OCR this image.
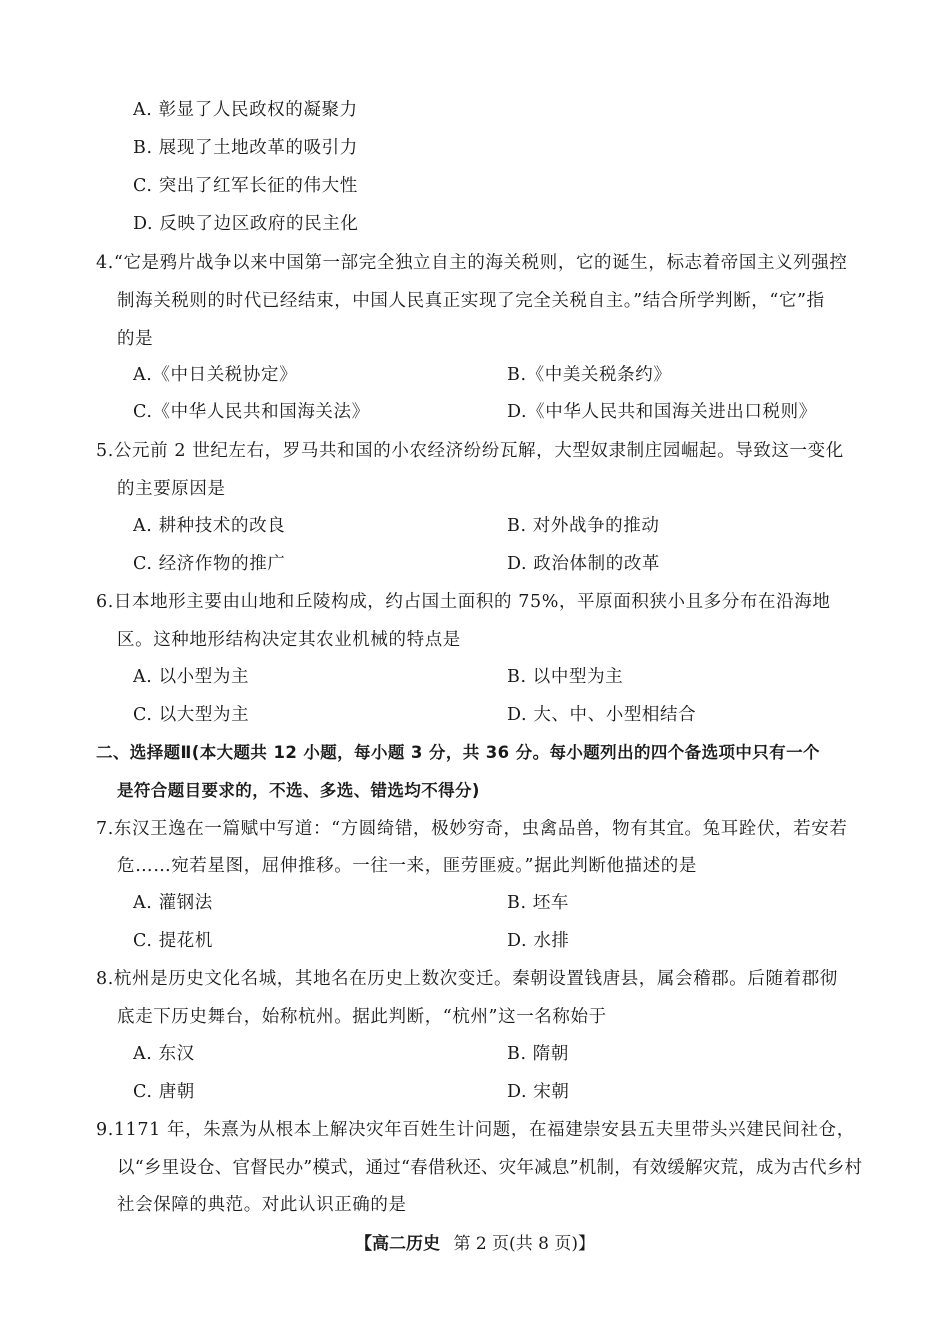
A. 彰显了人民政权的凝聚力
B. 展现了土地改革的吸引力
C. 突出了红军长征的伟大性
D. 反映了边区政府的民主化
4.“它是鸦片战争以来中国第一部完全独立自主的海关税则，它的诞生，标志着帝国主义列强控
制海关税则的时代已经结束，中国人民真正实现了完全关税自主。”结合所学判断，“它”指
的是
A.《中日关税协定》	B.《中美关税条约》
C.《中华人民共和国海关法》	D.《中华人民共和国海关进出口税则》
5.公元前 2 世纪左右，罗马共和国的小农经济纷纷瓦解，大型奴隶制庄园崛起。导致这一变化
的主要原因是
A. 耕种技术的改良	B. 对外战争的推动
C. 经济作物的推广	D. 政治体制的改革
6.日本地形主要由山地和丘陵构成，约占国土面积的 75%，平原面积狭小且多分布在沿海地
区。这种地形结构决定其农业机械的特点是
A. 以小型为主	B. 以中型为主
C. 以大型为主	D. 大、中、小型相结合
二、选择题Ⅱ(本大题共 12 小题，每小题 3 分，共 36 分。每小题列出的四个备选项中只有一个
是符合题目要求的，不选、多选、错选均不得分)
7.东汉王逸在一篇赋中写道：“方圆绮错，极妙穷奇，虫禽品兽，物有其宜。兔耳跧伏，若安若
危……宛若星图，屈伸推移。一往一来，匪劳匪疲。”据此判断他描述的是
A. 灌钢法	B. 坯车
C. 提花机	D. 水排
8.杭州是历史文化名城，其地名在历史上数次变迁。秦朝设置钱唐县，属会稽郡。后随着郡彻
底走下历史舞台，始称杭州。据此判断，“杭州”这一名称始于
A. 东汉	B. 隋朝
C. 唐朝	D. 宋朝
9.1171 年，朱熹为从根本上解决灾年百姓生计问题，在福建崇安县五夫里带头兴建民间社仓，
以“乡里设仓、官督民办”模式，通过“春借秋还、灾年减息”机制，有效缓解灾荒，成为古代乡村
社会保障的典范。对此认识正确的是
【高二历史 第 2 页(共 8 页)】
